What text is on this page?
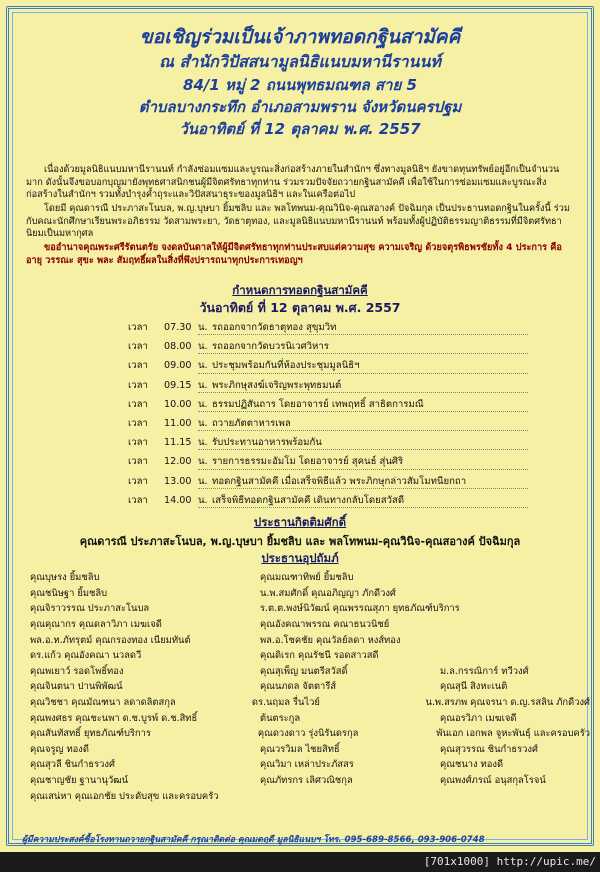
ขอเชิญร่วมเป็นเจ้าภาพทอดกฐินสามัคคี
ณ สำนักวิปัสสนามูลนิธิแนบมหานีรานนท์
84/1 หมู่ 2 ถนนพุทธมณฑล สาย 5
ตำบลบางกระทึก อำเภอสามพราน จังหวัดนครปฐม
วันอาทิตย์ ที่ 12 ตุลาคม พ.ศ. 2557

เนื่องด้วยมูลนิธิแนบมหานีรานนท์ กำลังซ่อมแซมและบูรณะสิ่งก่อสร้างภายในสำนักฯ ซึ่งทางมูลนิธิฯ ยังขาดทุนทรัพย์อยู่อีกเป็นจำนวนมาก ดังนั้นจึงขอบอกบุญมายังพุทธศาสนิกชนผู้มีจิตศรัทธาทุกท่าน ร่วมรวมปัจจัยถวายกฐินสามัคคี เพื่อใช้ในการซ่อมแซมและบูรณะสิ่งก่อสร้างในสำนักฯ รวมทั้งบำรุงค้ำถุระและวิปัสสนาธุระของมูลนิธิฯ และในเครือต่อไป

โดยมี คุณดารณี ประภาสะโนบล, พ.ญ.บุษบา ยิ้มชลิบ และ พลโทพนม-คุณวินิจ-คุณสอางค์ ปัจฉิมกุล เป็นประธานทอดกฐินในครั้งนี้ ร่วมกับคณะนักศึกษาเรียนพระอภิธรรม วัดสามพระยา, วัดธาตุทอง, และมูลนิธิแนบมหานีรานนท์ พร้อมทั้งผู้ปฏิบัติธรรมญาติธรรมที่มีจิตศรัทธานิยมเป็นมหากุศล

ขออำนาจคุณพระศรีรัตนตรัย จงดลบันดาลให้ผู้มีจิตศรัทธาทุกท่านประสบแต่ความสุข ความเจริญ ด้วยจตุรพิธพรชัยทั้ง 4 ประการ คือ อายุ วรรณะ สุขะ พละ สัมฤทธิ์ผลในสิ่งที่พึงปรารถนาทุกประการเทอญฯ

กำหนดการทอดกฐินสามัคคี
วันอาทิตย์ ที่ 12 ตุลาคม พ.ศ. 2557
เวลา	07.30 น. รถออกจากวัดธาตุทอง สุขุมวิท
เวลา	08.00 น. รถออกจากวัดบวรนิเวศวิหาร
เวลา	09.00 น. ประชุมพร้อมกันที่ห้องประชุมมูลนิธิฯ
เวลา	09.15 น. พระภิกษุสงฆ์เจริญพระพุทธมนต์
เวลา	10.00 น. ธรรมปฏิสันถาร โดยอาจารย์ เทพฤทธิ์ สาธิตการมณี
เวลา	11.00 น. ถวายภัตตาหารเพล
เวลา	11.15 น. รับประทานอาหารพร้อมกัน
เวลา	12.00 น. รายการธรรมะอัมโม โดยอาจารย์ สุคนธ์ สุ่นศิริ
เวลา	13.00 น. ทอดกฐินสามัคคี เมื่อเสร็จพิธีแล้ว พระภิกษุกล่าวสัมโมทนียกถา
เวลา	14.00 น. เสร็จพิธีทอดกฐินสามัคคี เดินทางกลับโดยสวัสดี
ประธานกิตติมศักดิ์
คุณดารณี ประภาสะโนบล, พ.ญ.บุษบา ยิ้มชลิบ และ พลโทพนม-คุณวินิจ-คุณสอางค์ ปัจฉิมกุล
ประธานอุปถัมภ์
คุณบุษรง ยิ้มชลิบ	คุณมณฑาทิพย์ ยิ้มชลิบ
คุณชนิษฐา ยิ้มชลิบ	น.พ.สมศักดิ์ คุณอภิญญา ภักดีวงศ์
คุณจิราวรรณ ประภาสะโนบล	ร.ต.ต.พงษ์นิวัฒน์ คุณพรรณสุภา ยุทธภัณฑ์บริการ
คุณคุณากร คุณดลาวิภา เมฆเจดี	คุณอังคณาพรรณ คณาธนวนิชย์
พล.อ.ท.ภัทรุตม์ คุณกรองทอง เนียมทันต์	พล.อ.โชคชัย คุณวัลย์ลดา หงส์ทอง
ดร.แก้ว คุณอังคณา นวลดวี	คุณดิเรก คุณรัชนี รอดสาวสดี
คุณพเยาว์ รอดโพธิ์ทอง	คุณสุเพ็ญ มนตรีสวัสดิ์	ม.ล.กรรณิการ์ ทวีวงศ์
คุณจินตนา ปานพิพัฒน์	คุณนภดล จัตตารีส์	คุณสุนี สิงหะเนติ
คุณวิชชา คุณมัณฑนา ลดาดลิตสกุล	ดร.นฤมล รื่นไวย์	น.พ.สรภพ คุณจรนา ด.ญ.รสลิน ภักดีวงศ์
คุณพงศธร คุณชะนพา ด.ช.บูรพ์ ด.ช.สิทธิ์	ต้นตระกูล	คุณอรวิภา เมฆเจดี
คุณสันทัสทธิ์ ยุทธภัณฑ์บริการ	คุณดวงดาว รุ่งนิรันดรกุล	พันเอก เอกพล จูหะพันธุ์ และครอบครัว
คุณจรูญ ทองดี	คุณวรวิมล ไชยสิทธิ์	คุณสุวรรณ ชินกำธรวงศ์
คุณสุวลี ชินกำธรวงศ์	คุณวิมา เหล่าประภัสสร	คุณชนาง ทองดี
คุณชาญชัย ฐานานุวัฒน์	คุณภัทรกร เลิศวณิชกุล	คุณพงศ์ภรณ์ อนุสกุลโรจน์
คุณเสน่หา คุณเอกชัย ประดับสุข และครอบครัว
ผู้มีความประสงค์ซื้อโรงทานถวายกฐินสามัคคี กรุณาติดต่อ คุณมดฤดี มูลนิธิแนบฯ โทร. 095-689-8566, 093-906-0748
[701x1000] http://upic.me/
